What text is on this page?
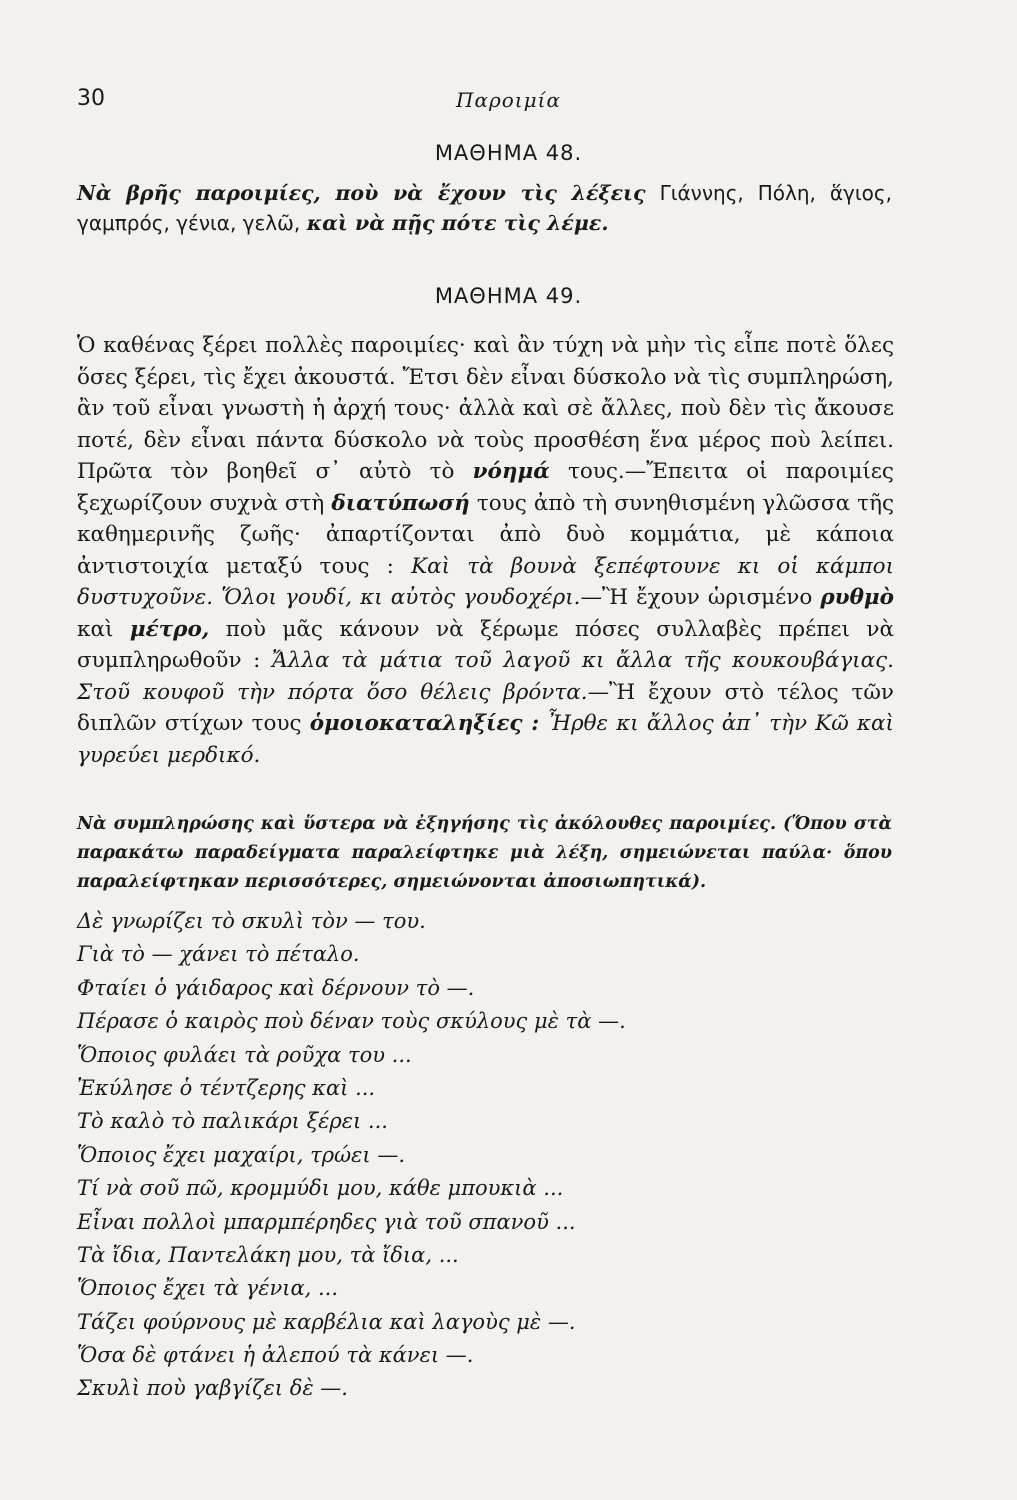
30	Παροιμία
ΜΑΘΗΜΑ 48.
Νὰ βρῆς παροιμίες, ποὺ νὰ ἔχουν τὶς λέξεις Γιάννης, Πόλη, ἅγιος, γαμπρός, γένια, γελῶ, καὶ νὰ πῇς πότε τὶς λέμε.
ΜΑΘΗΜΑ 49.

Ὁ καθένας ξέρει πολλὲς παροιμίες· καὶ ἂν τύχη νὰ μὴν τὶς εἶπε ποτὲ ὅλες ὅσες ξέρει, τὶς ἔχει ἀκουστά. Ἔτσι δὲν εἶναι δύσκολο νὰ τὶς συμπληρώση, ἂν τοῦ εἶναι γνωστὴ ἡ ἀρχή τους· ἀλλὰ καὶ σὲ ἄλλες, ποὺ δὲν τὶς ἄκουσε ποτέ, δὲν εἶναι πάντα δύσκολο νὰ τοὺς προσθέση ἕνα μέρος ποὺ λείπει. Πρῶτα τὸν βοηθεῖ σ᾽ αὐτὸ τὸ νόημά τους.—Ἔπειτα οἱ παροιμίες ξεχωρίζουν συχνὰ στὴ διατύπωσή τους ἀπὸ τὴ συνηθισμένη γλῶσσα τῆς καθημερινῆς ζωῆς· ἀπαρτίζονται ἀπὸ δυὸ κομμάτια, μὲ κάποια ἀντιστοιχία μεταξύ τους : Καὶ τὰ βουνὰ ξεπέφτουνε κι οἱ κάμποι δυστυχοῦνε. Ὅλοι γουδί, κι αὐτὸς γουδοχέρι.—Ἢ ἔχουν ὡρισμένο ρυθμὸ καὶ μέτρο, ποὺ μᾶς κάνουν νὰ ξέρωμε πόσες συλλαβὲς πρέπει νὰ συμπληρωθοῦν : Ἄλλα τὰ μάτια τοῦ λαγοῦ κι ἄλλα τῆς κουκουβάγιας. Στοῦ κουφοῦ τὴν πόρτα ὅσο θέλεις βρόντα.—Ἢ ἔχουν στὸ τέλος τῶν διπλῶν στίχων τους ὁμοιοκαταληξίες : Ἦρθε κι ἄλλος ἀπ᾽ τὴν Κῶ καὶ γυρεύει μερδικό.

Νὰ συμπληρώσης καὶ ὕστερα νὰ ἐξηγήσης τὶς ἀκόλουθες παροιμίες. (Ὅπου στὰ παρακάτω παραδείγματα παραλείφτηκε μιὰ λέξη, σημειώνεται παύλα· ὅπου παραλείφτηκαν περισσότερες, σημειώνονται ἀποσιωπητικά).
Δὲ γνωρίζει τὸ σκυλὶ τὸν — του.
Γιὰ τὸ — χάνει τὸ πέταλο.
Φταίει ὁ γάιδαρος καὶ δέρνουν τὸ —.
Πέρασε ὁ καιρὸς ποὺ δέναν τοὺς σκύλους μὲ τὰ —.
Ὅποιος φυλάει τὰ ροῦχα του ...
Ἐκύλησε ὁ τέντζερης καὶ ...
Τὸ καλὸ τὸ παλικάρι ξέρει ...
Ὅποιος ἔχει μαχαίρι, τρώει —.
Τί νὰ σοῦ πῶ, κρομμύδι μου, κάθε μπουκιὰ ...
Εἶναι πολλοὶ μπαρμπέρηδες γιὰ τοῦ σπανοῦ ...
Τὰ ἴδια, Παντελάκη μου, τὰ ἴδια, ...
Ὅποιος ἔχει τὰ γένια, ...
Τάζει φούρνους μὲ καρβέλια καὶ λαγοὺς μὲ —.
Ὅσα δὲ φτάνει ἡ ἀλεπού τὰ κάνει —.
Σκυλὶ ποὺ γαβγίζει δὲ —.
